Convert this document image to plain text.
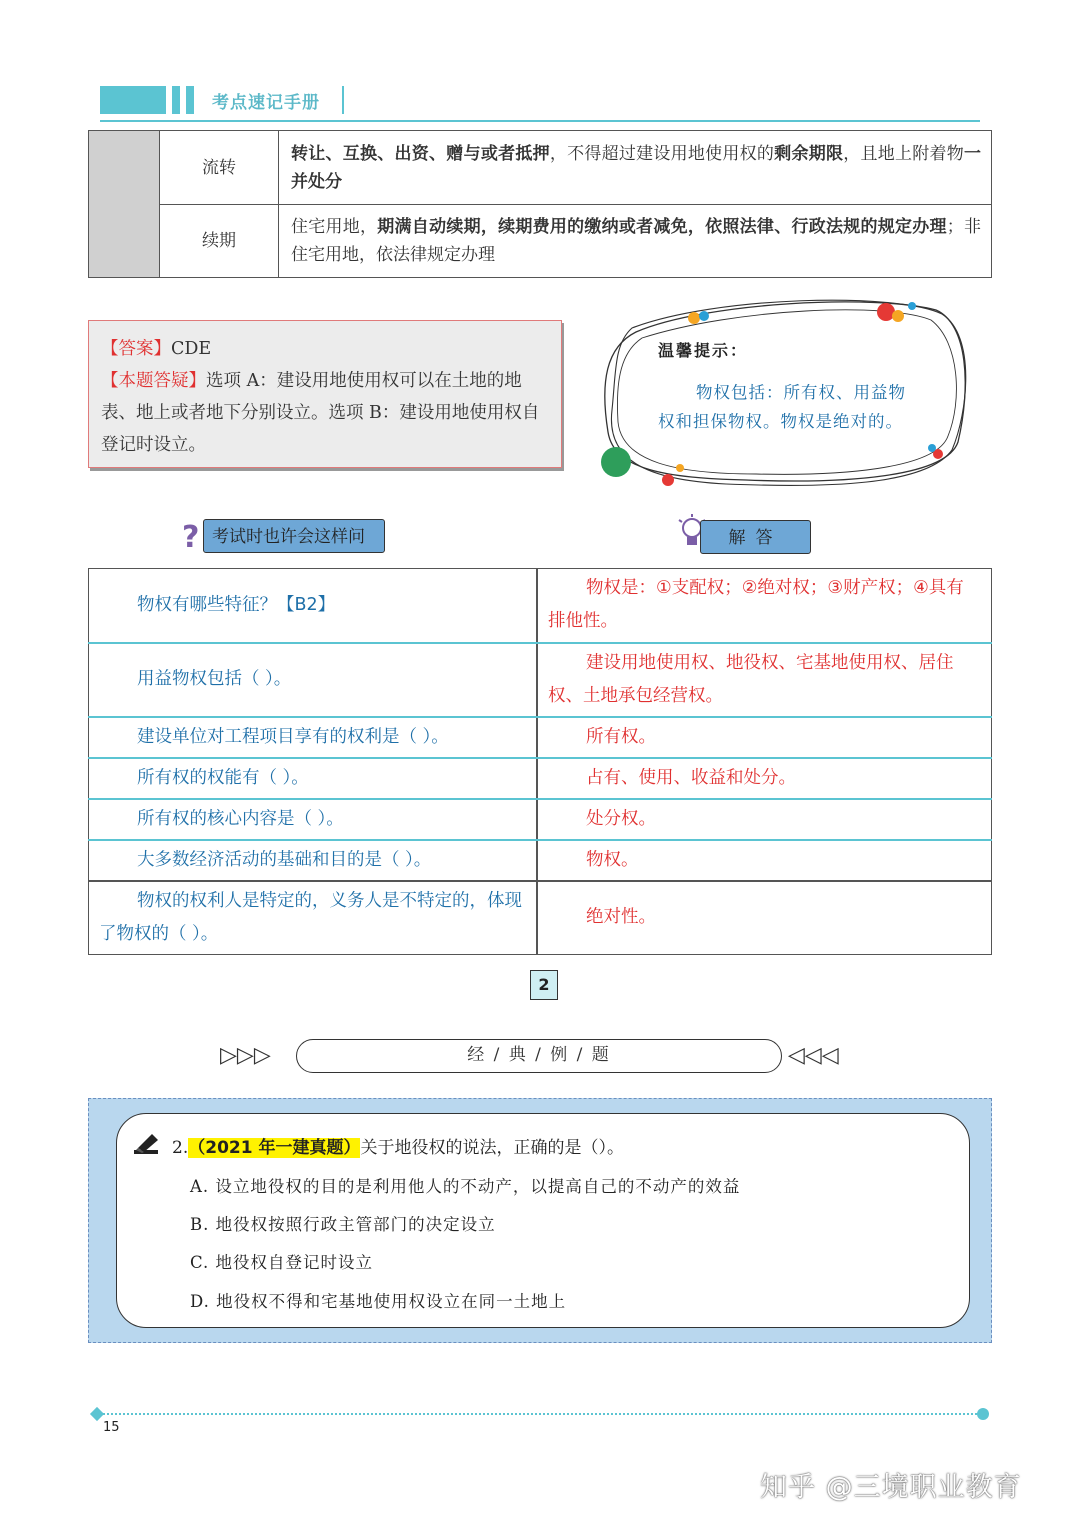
考点速记手册
	流转	转让、互换、出资、赠与或者抵押，不得超过建设用地使用权的剩余期限，且地上附着物一并处分
	续期	住宅用地，期满自动续期，续期费用的缴纳或者减免，依照法律、行政法规的规定办理；非住宅用地，依法律规定办理
【答案】CDE
【本题答疑】选项 A：建设用地使用权可以在土地的地表、地上或者地下分别设立。选项 B：建设用地使用权自登记时设立。
温馨提示：
物权包括：所有权、用益物权和担保物权。物权是绝对的。
? 考试时也许会这样问	解答
物权有哪些特征？【B2】	物权是：①支配权；②绝对权；③财产权；④具有排他性。
用益物权包括（ ）。	建设用地使用权、地役权、宅基地使用权、居住权、土地承包经营权。
建设单位对工程项目享有的权利是（ ）。	所有权。
所有权的权能有（ ）。	占有、使用、收益和处分。
所有权的核心内容是（ ）。	处分权。
大多数经济活动的基础和目的是（ ）。	物权。
物权的权利人是特定的，义务人是不特定的，体现了物权的（ ）。	绝对性。
2
▷▷▷	经 / 典 / 例 / 题	◁◁◁
2.（2021 年一建真题）关于地役权的说法，正确的是（）。
A. 设立地役权的目的是利用他人的不动产，以提高自己的不动产的效益
B. 地役权按照行政主管部门的决定设立
C. 地役权自登记时设立
D. 地役权不得和宅基地使用权设立在同一土地上
15
知乎 @三境职业教育
